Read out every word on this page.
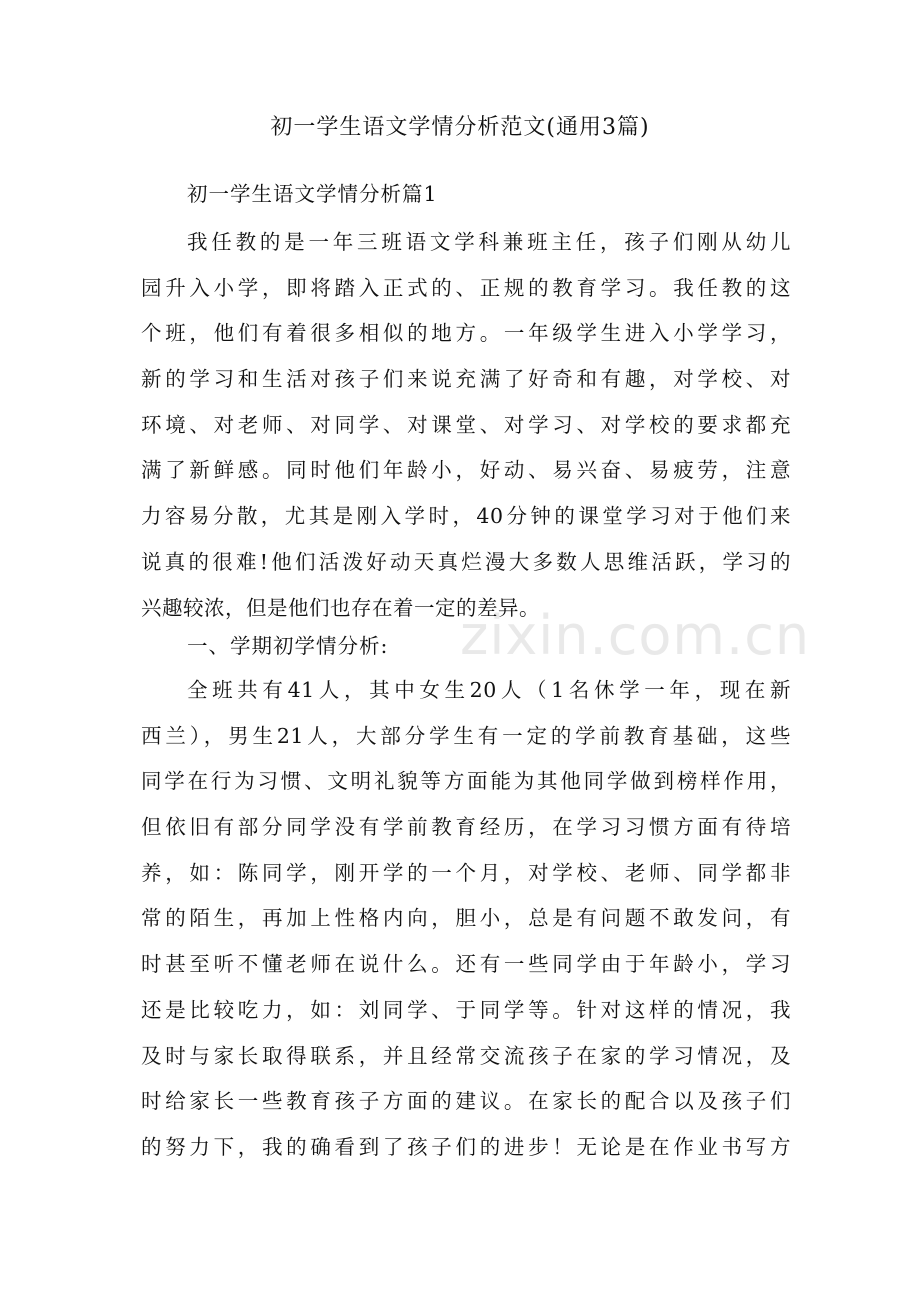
zixin.com.cn
初一学生语文学情分析范文(通用3篇)
初一学生语文学情分析篇1
我任教的是一年三班语文学科兼班主任，孩子们刚从幼儿
园升入小学，即将踏入正式的、正规的教育学习。我任教的这
个班，他们有着很多相似的地方。一年级学生进入小学学习，
新的学习和生活对孩子们来说充满了好奇和有趣，对学校、对
环境、对老师、对同学、对课堂、对学习、对学校的要求都充
满了新鲜感。同时他们年龄小，好动、易兴奋、易疲劳，注意
力容易分散，尤其是刚入学时，40分钟的课堂学习对于他们来
说真的很难!他们活泼好动天真烂漫大多数人思维活跃，学习的
兴趣较浓，但是他们也存在着一定的差异。
一、学期初学情分析:
全班共有41人，其中女生20人（1名休学一年，现在新
西兰），男生21人，大部分学生有一定的学前教育基础，这些
同学在行为习惯、文明礼貌等方面能为其他同学做到榜样作用，
但依旧有部分同学没有学前教育经历，在学习习惯方面有待培
养，如：陈同学，刚开学的一个月，对学校、老师、同学都非
常的陌生，再加上性格内向，胆小，总是有问题不敢发问，有
时甚至听不懂老师在说什么。还有一些同学由于年龄小，学习
还是比较吃力，如：刘同学、于同学等。针对这样的情况，我
及时与家长取得联系，并且经常交流孩子在家的学习情况，及
时给家长一些教育孩子方面的建议。在家长的配合以及孩子们
的努力下，我的确看到了孩子们的进步！无论是在作业书写方
